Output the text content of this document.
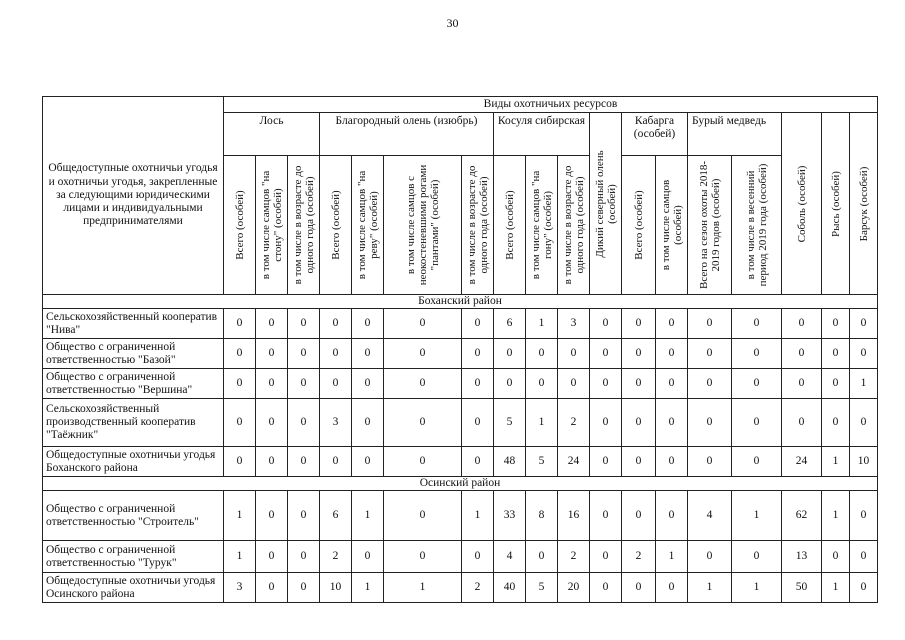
30
Общедоступные охотничьи угодья и охотничьи угодья, закрепленные за следующими юридическими лицами и индивидуальными предпринимателями	Виды охотничьих ресурсов																	
	Лось			Благородный олень (изюбрь)				Косуля сибирская			Дикий северный олень (особей)	Кабарга (особей)		Бурый медведь		Соболь (особей)	Рысь (особей)	Барсук (особей)

	Всего (особей)	в том числе самцов "на стону" (особей)	в том числе в возрасте до одного года (особей)	Всего (особей)	в том числе самцов "на реву" (особей)	в том числе самцов с неокостеневшими рогами "пантами" (особей)	в том числе в возрасте до одного года (особей)	Всего (особей)	в том числе самцов "на гону" (особей)	в том числе в возрасте до одного года (особей)		Всего (особей)	в том числе самцов (особей)	Всего на сезон охоты 2018-2019 годов (особей)	в том числе в весенний период 2019 года (особей)			

Боханский район																		
Сельскохозяйственный кооператив "Нива"	0	0	0	0	0	0	0	6	1	3	0	0	0	0	0	0	0	0
Общество с ограниченной ответственностью "Базой"	0	0	0	0	0	0	0	0	0	0	0	0	0	0	0	0	0	0
Общество с ограниченной ответственностью "Вершина"	0	0	0	0	0	0	0	0	0	0	0	0	0	0	0	0	0	1
Сельскохозяйственный производственный кооператив "Таёжник"	0	0	0	3	0	0	0	5	1	2	0	0	0	0	0	0	0	0
Общедоступные охотничьи угодья Боханского района	0	0	0	0	0	0	0	48	5	24	0	0	0	0	0	24	1	10
Осинский район																		
Общество с ограниченной ответственностью "Строитель"	1	0	0	6	1	0	1	33	8	16	0	0	0	4	1	62	1	0
Общество с ограниченной ответственностью "Турук"	1	0	0	2	0	0	0	4	0	2	0	2	1	0	0	13	0	0
Общедоступные охотничьи угодья Осинского района	3	0	0	10	1	1	2	40	5	20	0	0	0	1	1	50	1	0
